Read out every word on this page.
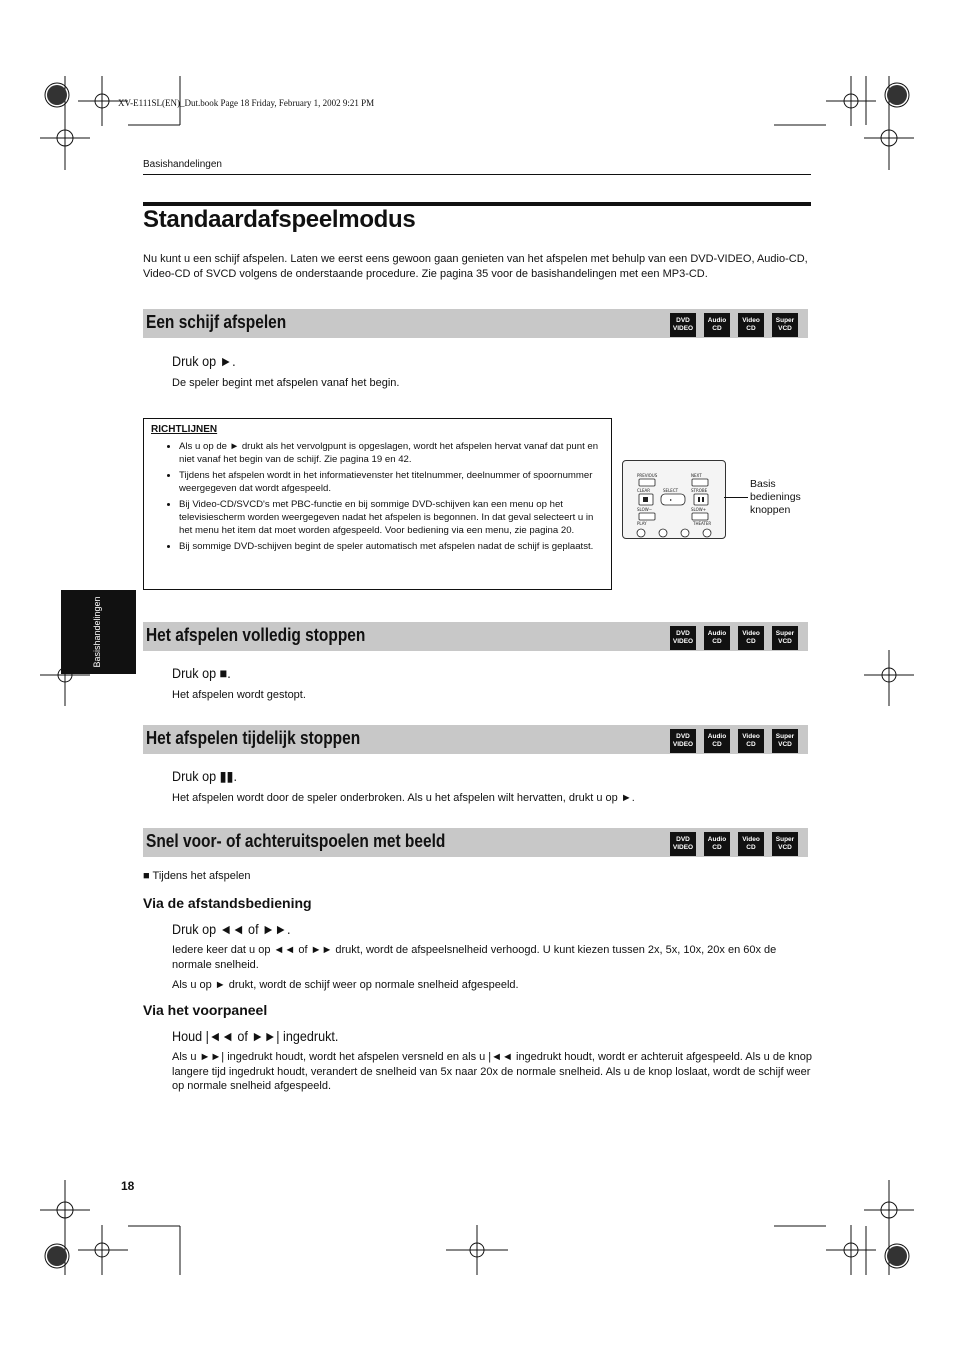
XV-E111SL(EN)_Dut.book Page 18 Friday, February 1, 2002 9:21 PM
Basishandelingen
Standaardafspeelmodus
Nu kunt u een schijf afspelen. Laten we eerst eens gewoon gaan genieten van het afspelen met behulp van een DVD-VIDEO, Audio-CD, Video-CD of SVCD volgens de onderstaande procedure. Zie pagina 35 voor de basishandelingen met een MP3-CD.
Een schijf afspelen	DVD
VIDEO
Audio
CD
Video
CD
Super
VCD
Druk op ►.
De speler begint met afspelen vanaf het begin.
RICHTLIJNEN
• Als u op de ► drukt als het vervolgpunt is opgeslagen, wordt het afspelen hervat vanaf dat punt en niet vanaf het begin van de schijf. Zie pagina 19 en 42.
• Tijdens het afspelen wordt in het informatievenster het titelnummer, deelnummer of spoornummer weergegeven dat wordt afgespeeld.
• Bij Video-CD/SVCD's met PBC-functie en bij sommige DVD-schijven kan een menu op het televisiescherm worden weergegeven nadat het afspelen is begonnen. In dat geval selecteert u in het menu het item dat moet worden afgespeeld. Voor bediening via een menu, zie pagina 20.
• Bij sommige DVD-schijven begint de speler automatisch met afspelen nadat de schijf is geplaatst.
PREVIOUS	NEXT
CLEAR	SELECT	STROBE
SLOW−	SLOW+
PLAY	THEATER
Basis bedienings knoppen
Basishandelingen Het afspelen volledig stoppen	DVD
VIDEO
Audio
CD
Video
CD
Super
VCD
Druk op ■.
Het afspelen wordt gestopt.
Het afspelen tijdelijk stoppen	DVD
VIDEO
Audio
CD
Video
CD
Super
VCD
Druk op ▮▮.
Het afspelen wordt door de speler onderbroken. Als u het afspelen wilt hervatten, drukt u op ►.
Snel voor- of achteruitspoelen met beeld	DVD
VIDEO
Audio
CD
Video
CD
Super
VCD
■ Tijdens het afspelen
Via de afstandsbediening
Druk op ◄◄ of ►►.
Iedere keer dat u op ◄◄ of ►► drukt, wordt de afspeelsnelheid verhoogd. U kunt kiezen tussen 2x, 5x, 10x, 20x en 60x de normale snelheid.
Als u op ► drukt, wordt de schijf weer op normale snelheid afgespeeld.
Via het voorpaneel
Houd |◄◄ of ►►| ingedrukt.
Als u ►►| ingedrukt houdt, wordt het afspelen versneld en als u |◄◄ ingedrukt houdt, wordt er achteruit afgespeeld. Als u de knop langere tijd ingedrukt houdt, verandert de snelheid van 5x naar 20x de normale snelheid. Als u de knop loslaat, wordt de schijf weer op normale snelheid afgespeeld.
18
